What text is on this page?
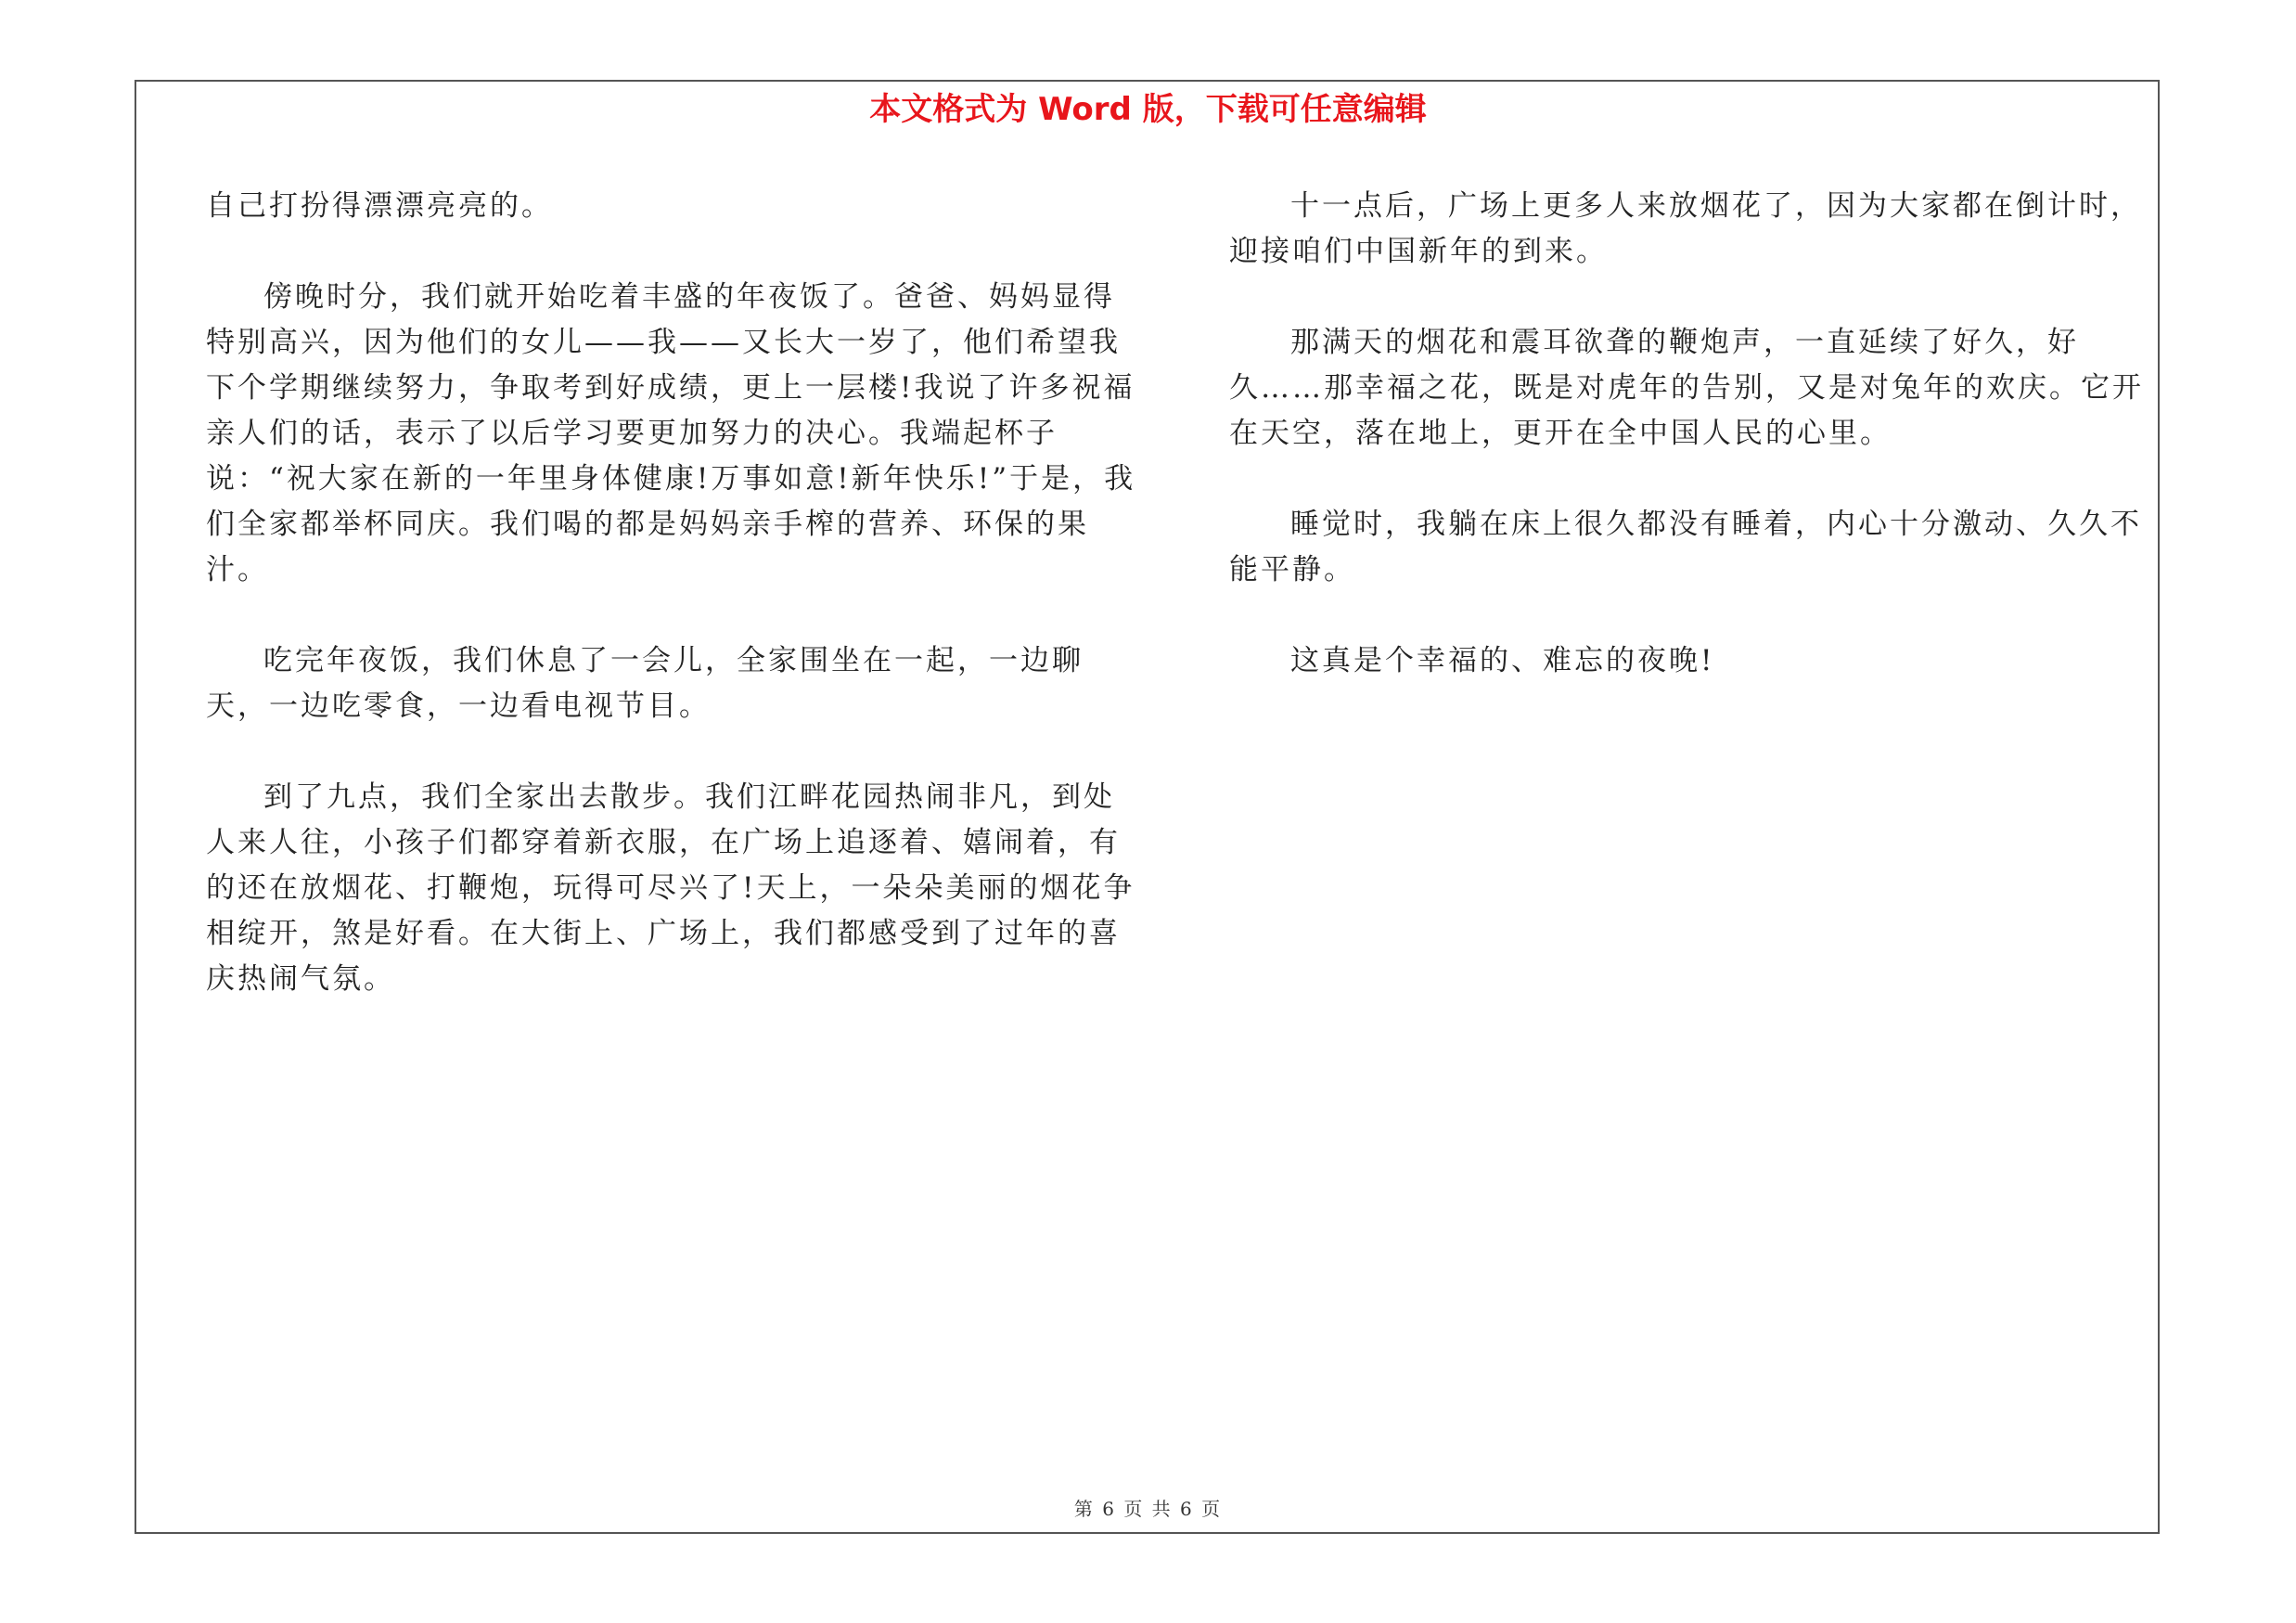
本文格式为 Word 版，下载可任意编辑

自己打扮得漂漂亮亮的。

傍晚时分，我们就开始吃着丰盛的年夜饭了。爸爸、妈妈显得特别高兴，因为他们的女儿——我——又长大一岁了，他们希望我下个学期继续努力，争取考到好成绩，更上一层楼!我说了许多祝福亲人们的话，表示了以后学习要更加努力的决心。我端起杯子说：“祝大家在新的一年里身体健康!万事如意!新年快乐!”于是，我们全家都举杯同庆。我们喝的都是妈妈亲手榨的营养、环保的果汁。

吃完年夜饭，我们休息了一会儿，全家围坐在一起，一边聊天，一边吃零食，一边看电视节目。

到了九点，我们全家出去散步。我们江畔花园热闹非凡，到处人来人往，小孩子们都穿着新衣服，在广场上追逐着、嬉闹着，有的还在放烟花、打鞭炮，玩得可尽兴了!天上，一朵朵美丽的烟花争相绽开，煞是好看。在大街上、广场上，我们都感受到了过年的喜庆热闹气氛。

十一点后，广场上更多人来放烟花了，因为大家都在倒计时，迎接咱们中国新年的到来。

那满天的烟花和震耳欲聋的鞭炮声，一直延续了好久，好久……那幸福之花，既是对虎年的告别，又是对兔年的欢庆。它开在天空，落在地上，更开在全中国人民的心里。

睡觉时，我躺在床上很久都没有睡着，内心十分激动、久久不能平静。

这真是个幸福的、难忘的夜晚!

第 6 页 共 6 页
